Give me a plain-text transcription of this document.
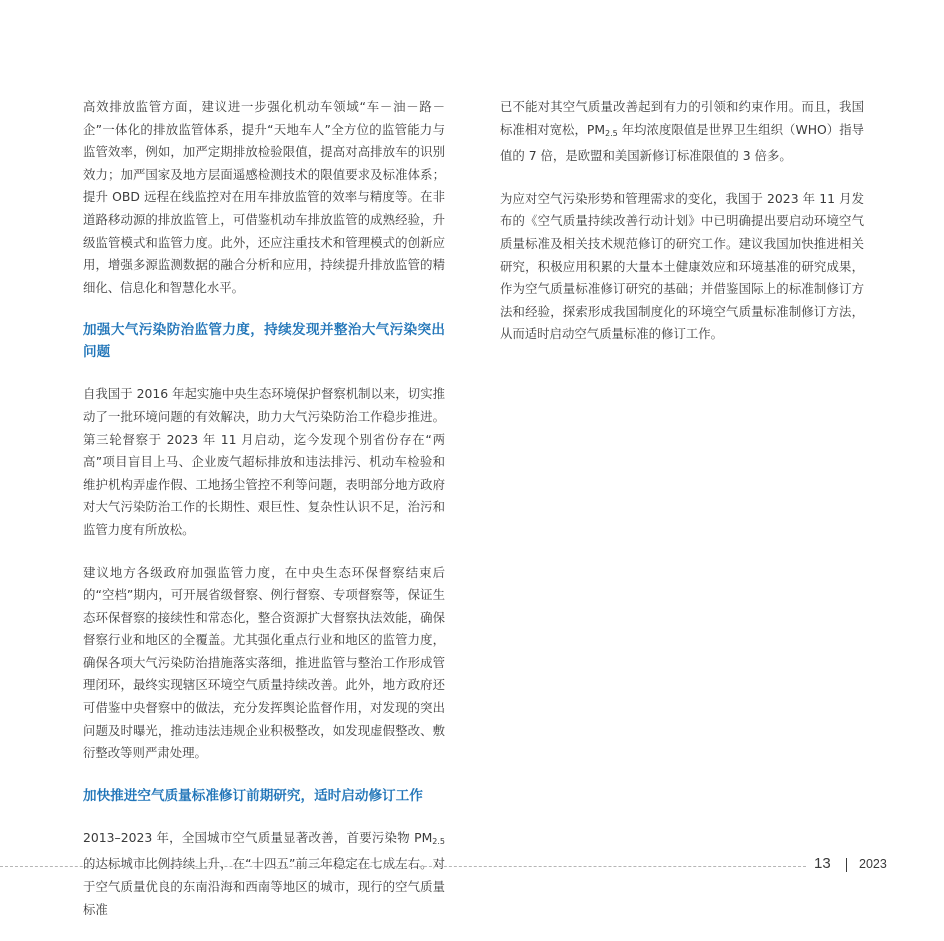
高效排放监管方面，建议进一步强化机动车领域“车－油－路－企”一体化的排放监管体系，提升“天地车人”全方位的监管能力与监管效率，例如，加严定期排放检验限值，提高对高排放车的识别效力；加严国家及地方层面遥感检测技术的限值要求及标准体系；提升 OBD 远程在线监控对在用车排放监管的效率与精度等。在非道路移动源的排放监管上，可借鉴机动车排放监管的成熟经验，升级监管模式和监管力度。此外，还应注重技术和管理模式的创新应用，增强多源监测数据的融合分析和应用，持续提升排放监管的精细化、信息化和智慧化水平。

加强大气污染防治监管力度，持续发现并整治大气污染突出问题

自我国于 2016 年起实施中央生态环境保护督察机制以来，切实推动了一批环境问题的有效解决，助力大气污染防治工作稳步推进。第三轮督察于 2023 年 11 月启动，迄今发现个别省份存在“两高”项目盲目上马、企业废气超标排放和违法排污、机动车检验和维护机构弄虚作假、工地扬尘管控不利等问题，表明部分地方政府对大气污染防治工作的长期性、艰巨性、复杂性认识不足，治污和监管力度有所放松。

建议地方各级政府加强监管力度，在中央生态环保督察结束后的“空档”期内，可开展省级督察、例行督察、专项督察等，保证生态环保督察的接续性和常态化，整合资源扩大督察执法效能，确保督察行业和地区的全覆盖。尤其强化重点行业和地区的监管力度，确保各项大气污染防治措施落实落细，推进监管与整治工作形成管理闭环，最终实现辖区环境空气质量持续改善。此外，地方政府还可借鉴中央督察中的做法，充分发挥舆论监督作用，对发现的突出问题及时曝光，推动违法违规企业积极整改，如发现虚假整改、敷衍整改等则严肃处理。

加快推进空气质量标准修订前期研究，适时启动修订工作

2013–2023 年，全国城市空气质量显著改善，首要污染物 $PM_{2.5}$ 的达标城市比例持续上升，在“十四五”前三年稳定在七成左右。对于空气质量优良的东南沿海和西南等地区的城市，现行的空气质量标准

已不能对其空气质量改善起到有力的引领和约束作用。而且，我国标准相对宽松，$PM_{2.5}$ 年均浓度限值是世界卫生组织（WHO）指导值的 7 倍，是欧盟和美国新修订标准限值的 3 倍多。

为应对空气污染形势和管理需求的变化，我国于 2023 年 11 月发布的《空气质量持续改善行动计划》中已明确提出要启动环境空气质量标准及相关技术规范修订的研究工作。建议我国加快推进相关研究，积极应用积累的大量本土健康效应和环境基准的研究成果，作为空气质量标准修订研究的基础；并借鉴国际上的标准制修订方法和经验，探索形成我国制度化的环境空气质量标准制修订方法，从而适时启动空气质量标准的修订工作。

13 2023
